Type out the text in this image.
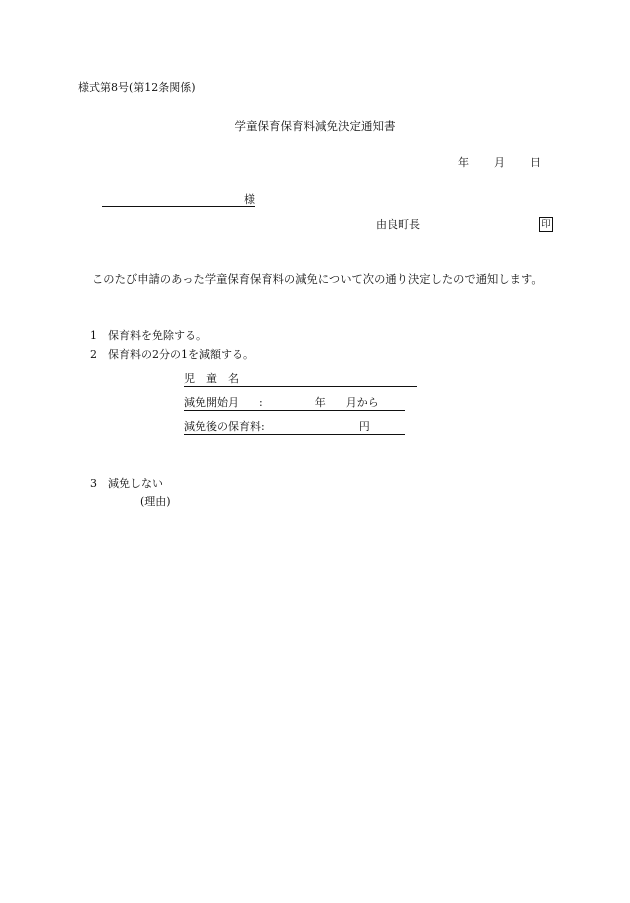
様式第8号(第12条関係)
学童保育保育料減免決定通知書
年 月 日
様
由良町長	印
このたび申請のあった学童保育保育料の減免について次の通り決定したので通知します。
1 保育料を免除する。
2 保育料の2分の1を減額する。
児童名
減免開始月 :	年 月から
減免後の保育料:	円
3 減免しない
(理由)
